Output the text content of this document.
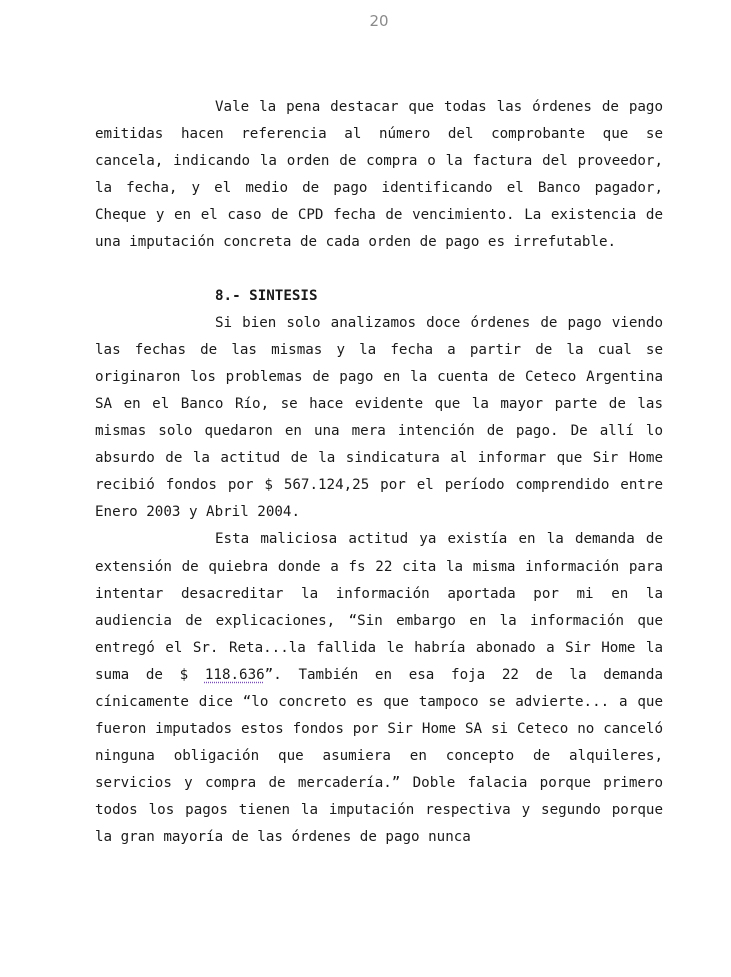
20

Vale la pena destacar que todas las órdenes de pago emitidas hacen referencia al número del comprobante que se cancela, indicando la orden de compra o la factura del proveedor, la fecha, y el medio de pago identificando el Banco pagador, Cheque y en el caso de CPD fecha de vencimiento. La existencia de una imputación concreta de cada orden de pago es irrefutable.

8.- SINTESIS

Si bien solo analizamos doce órdenes de pago viendo las fechas de las mismas y la fecha a partir de la cual se originaron los problemas de pago en la cuenta de Ceteco Argentina SA en el Banco Río, se hace evidente que la mayor parte de las mismas solo quedaron en una mera intención de pago. De allí lo absurdo de la actitud de la sindicatura al informar que Sir Home recibió fondos por $ 567.124,25 por el período comprendido entre Enero 2003 y Abril 2004.

Esta maliciosa actitud ya existía en la demanda de extensión de quiebra donde a fs 22 cita la misma información para intentar desacreditar la información aportada por mi en la audiencia de explicaciones, “Sin embargo en la información que entregó el Sr. Reta...la fallida le habría abonado a Sir Home la suma de $ 118.636”. También en esa foja 22 de la demanda cínicamente dice “lo concreto es que tampoco se advierte... a que fueron imputados estos fondos por Sir Home SA si Ceteco no canceló ninguna obligación que asumiera en concepto de alquileres, servicios y compra de mercadería.” Doble falacia porque primero todos los pagos tienen la imputación respectiva y segundo porque la gran mayoría de las órdenes de pago nunca
